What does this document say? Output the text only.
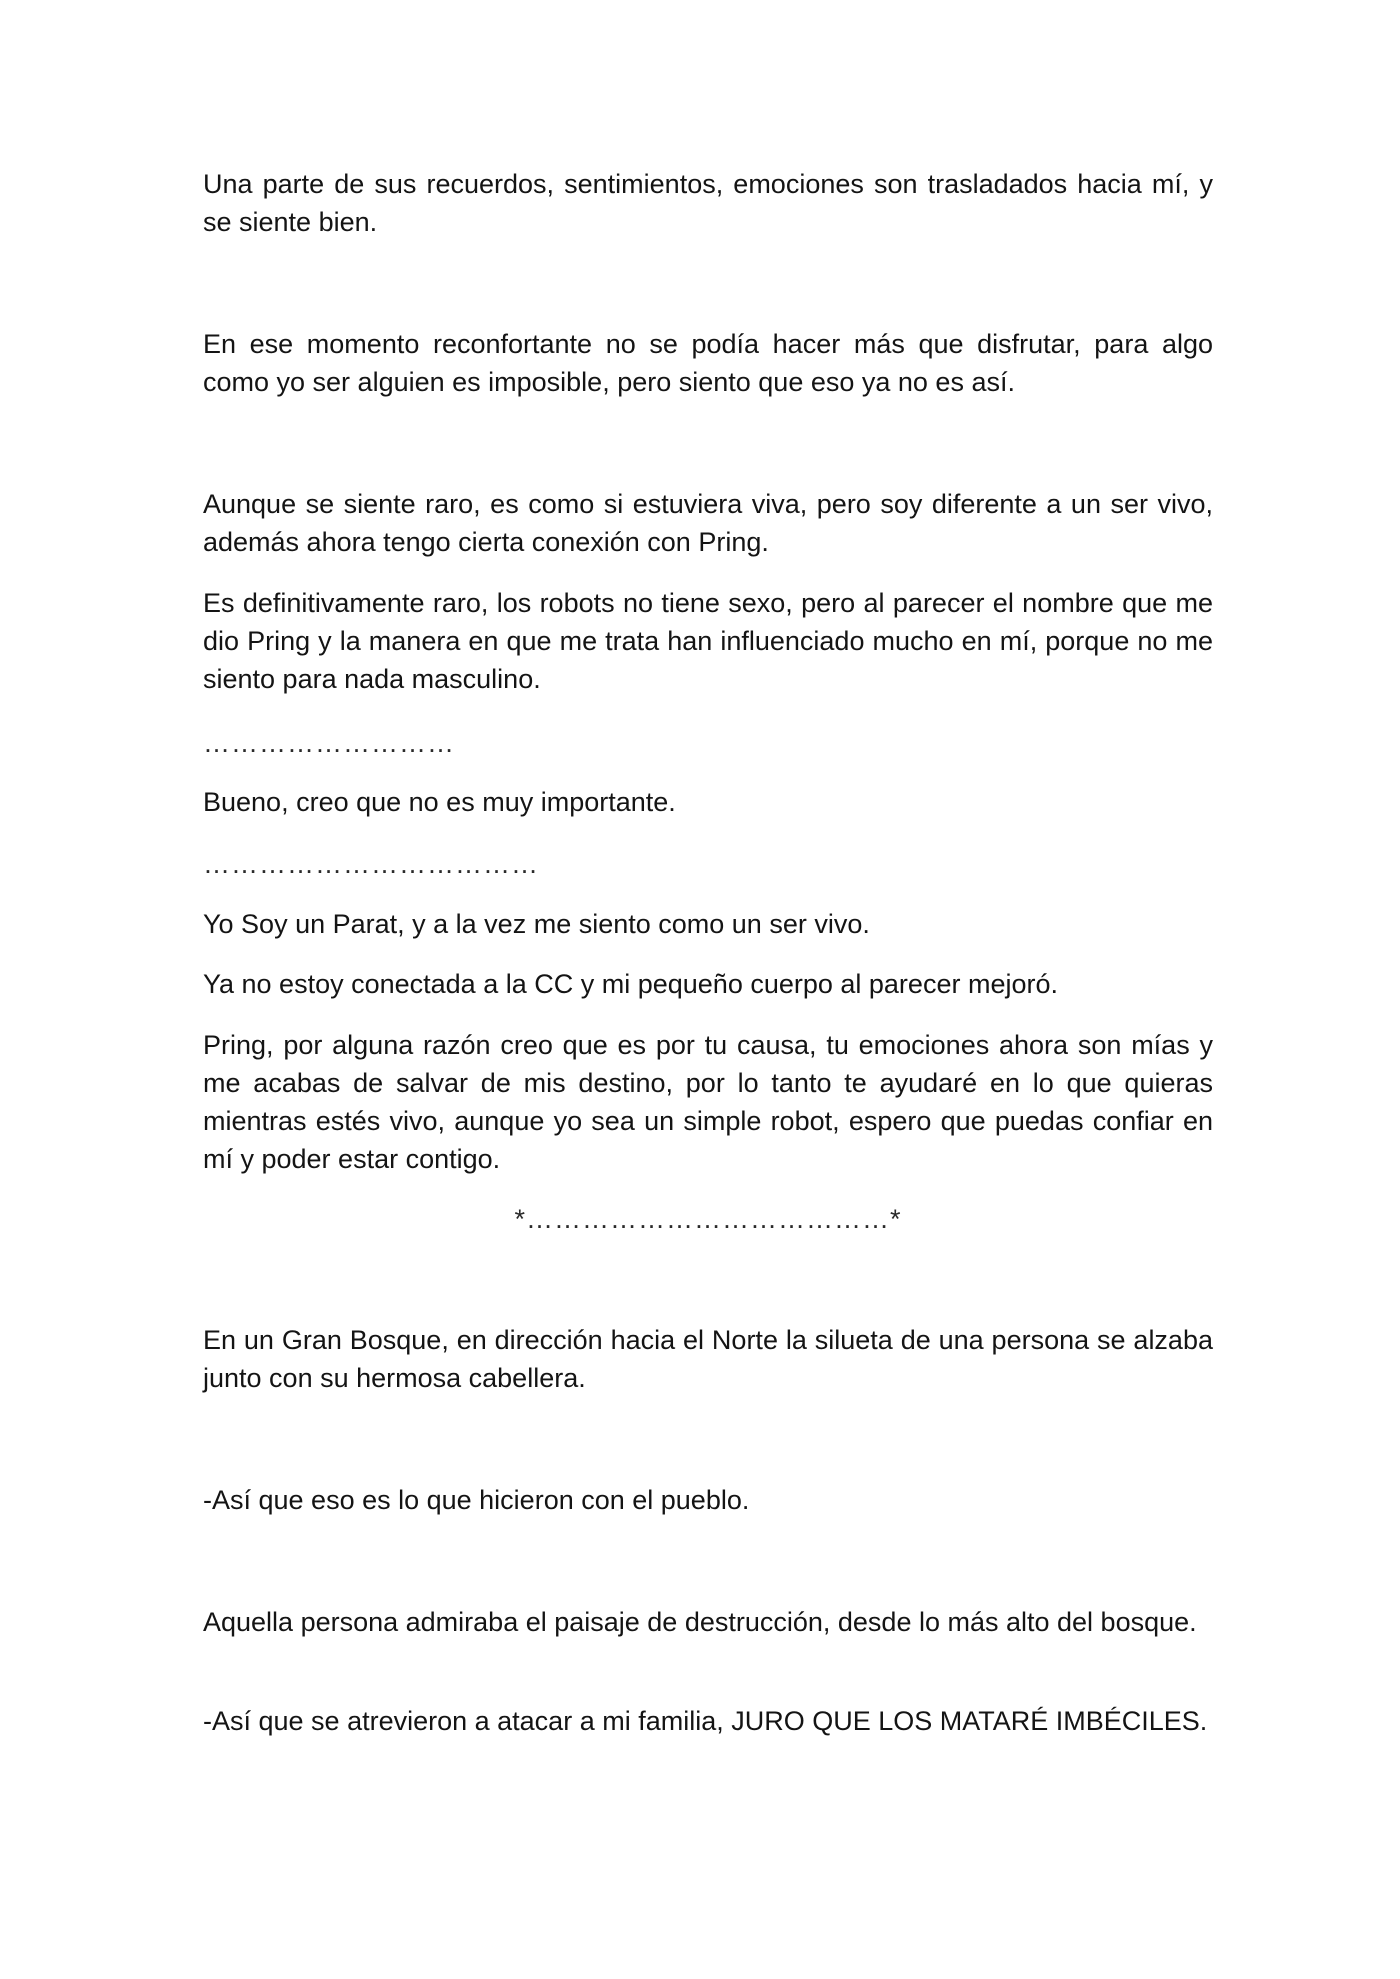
Una parte de sus recuerdos, sentimientos, emociones son trasladados hacia mí, y se siente bien.

En ese momento reconfortante no se podía hacer más que disfrutar, para algo como yo ser alguien es imposible, pero siento que eso ya no es así.

Aunque se siente raro, es como si estuviera viva, pero soy diferente a un ser vivo, además ahora tengo cierta conexión con Pring.

Es definitivamente raro, los robots no tiene sexo, pero al parecer el nombre que me dio Pring y la manera en que me trata han influenciado mucho en mí, porque no me siento para nada masculino.

………………………

Bueno, creo que no es muy importante.

………………………………

Yo Soy un Parat, y a la vez me siento como un ser vivo.

Ya no estoy conectada a la CC y mi pequeño cuerpo al parecer mejoró.

Pring, por alguna razón creo que es por tu causa, tu emociones ahora son mías y me acabas de salvar de mis destino, por lo tanto te ayudaré en lo que quieras mientras estés vivo, aunque yo sea un simple robot, espero que puedas confiar en mí y poder estar contigo.

*…………………………………*

En un Gran Bosque, en dirección hacia el Norte la silueta de una persona se alzaba junto con su hermosa cabellera.

-Así que eso es lo que hicieron con el pueblo.

Aquella persona admiraba el paisaje de destrucción, desde lo más alto del bosque.

-Así que se atrevieron a atacar a mi familia, JURO QUE LOS MATARÉ IMBÉCILES.
